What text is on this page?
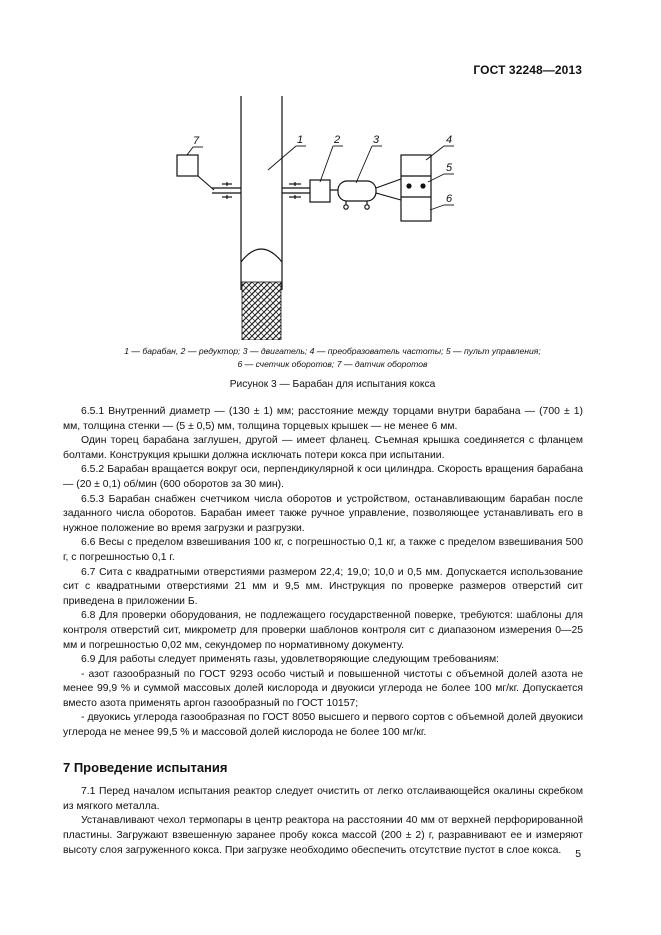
ГОСТ 32248—2013
7	1	2	3	4
5
6
1 — барабан, 2 — редуктор; 3 — двигатель; 4 — преобразователь частоты; 5 — пульт управления;
6 — счетчик оборотов; 7 — датчик оборотов
Рисунок 3 — Барабан для испытания кокса

6.5.1 Внутренний диаметр — (130 ± 1) мм; расстояние между торцами внутри барабана — (700 ± 1) мм, толщина стенки — (5 ± 0,5) мм, толщина торцевых крышек — не менее 6 мм.

Один торец барабана заглушен, другой — имеет фланец. Съемная крышка соединяется с фланцем болтами. Конструкция крышки должна исключать потери кокса при испытании.

6.5.2 Барабан вращается вокруг оси, перпендикулярной к оси цилиндра. Скорость вращения барабана — (20 ± 0,1) об/мин (600 оборотов за 30 мин).

6.5.3 Барабан снабжен счетчиком числа оборотов и устройством, останавливающим барабан после заданного числа оборотов. Барабан имеет также ручное управление, позволяющее устанавливать его в нужное положение во время загрузки и разгрузки.

6.6 Весы с пределом взвешивания 100 кг, с погрешностью 0,1 кг, а также с пределом взвешивания 500 г, с погрешностью 0,1 г.

6.7 Сита с квадратными отверстиями размером 22,4; 19,0; 10,0 и 0,5 мм. Допускается использование сит с квадратными отверстиями 21 мм и 9,5 мм. Инструкция по проверке размеров отверстий сит приведена в приложении Б.

6.8 Для проверки оборудования, не подлежащего государственной поверке, требуются: шаблоны для контроля отверстий сит, микрометр для проверки шаблонов контроля сит с диапазоном измерения 0—25 мм и погрешностью 0,02 мм, секундомер по нормативному документу.

6.9 Для работы следует применять газы, удовлетворяющие следующим требованиям:

- азот газообразный по ГОСТ 9293 особо чистый и повышенной чистоты с объемной долей азота не менее 99,9 % и суммой массовых долей кислорода и двуокиси углерода не более 100 мг/кг. Допускается вместо азота применять аргон газообразный по ГОСТ 10157;

- двуокись углерода газообразная по ГОСТ 8050 высшего и первого сортов с объемной долей двуокиси углерода не менее 99,5 % и массовой долей кислорода не более 100 мг/кг.

7 Проведение испытания

7.1 Перед началом испытания реактор следует очистить от легко отслаивающейся окалины скребком из мягкого металла.

Устанавливают чехол термопары в центр реактора на расстоянии 40 мм от верхней перфорированной пластины. Загружают взвешенную заранее пробу кокса массой (200 ± 2) г, разравнивают ее и измеряют высоту слоя загруженного кокса. При загрузке необходимо обеспечить отсутствие пустот в слое кокса.	5
